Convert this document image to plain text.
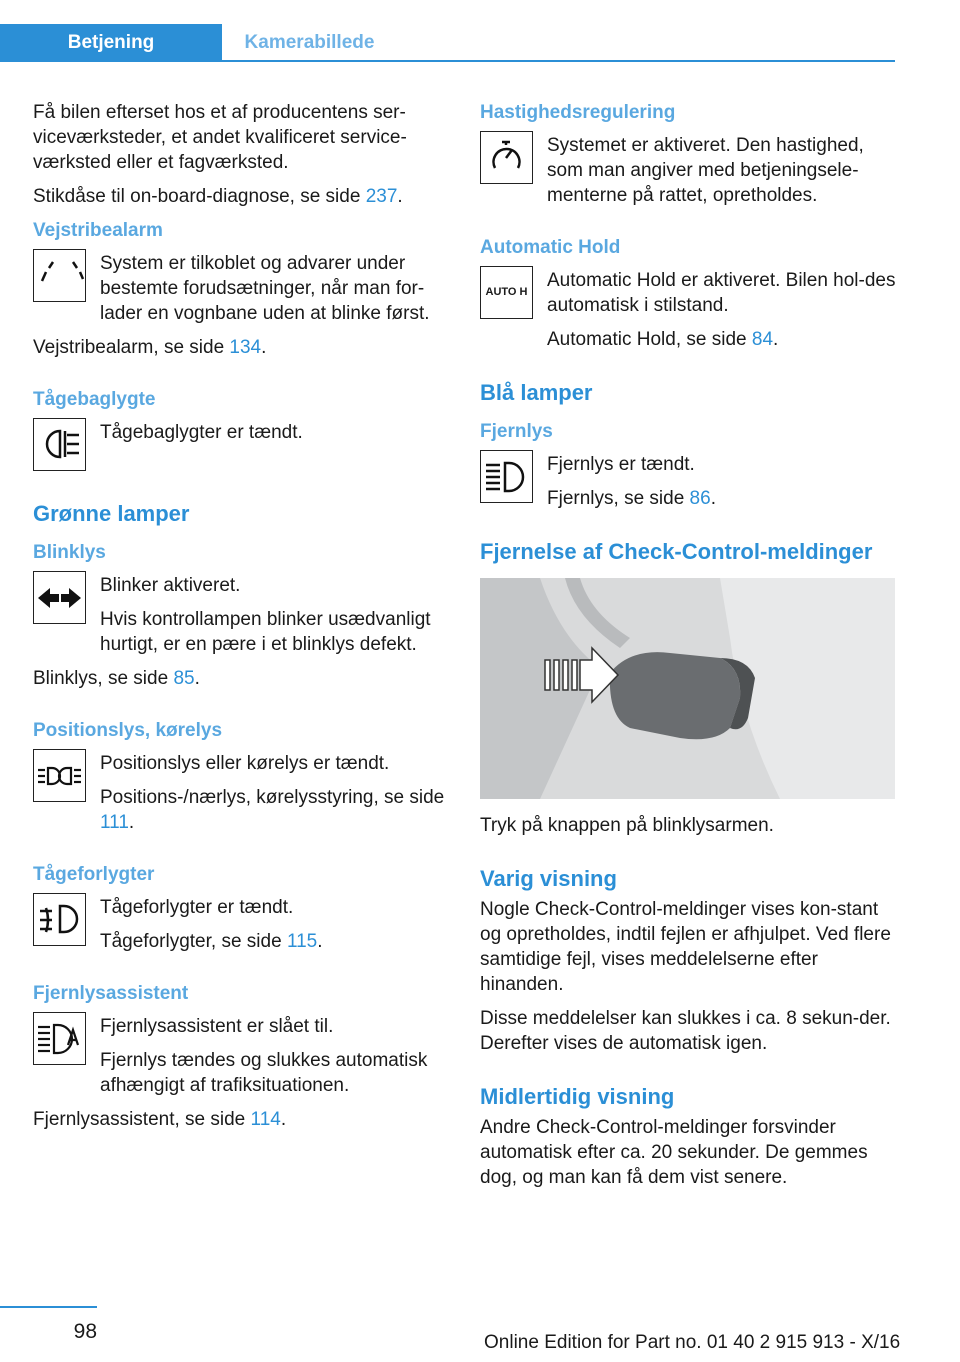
Betjening	Kamerabillede

Få bilen efterset hos et af producentens ser-viceværksteder, et andet kvalificeret service-værksted eller et fagværksted.

Stikdåse til on-board-diagnose, se side 237.

Vejstribealarm

System er tilkoblet og advarer under bestemte forudsætninger, når man for-lader en vognbane uden at blinke først.

Vejstribealarm, se side 134.

Tågebaglygte

Tågebaglygter er tændt.

Grønne lamper
Blinklys

Blinker aktiveret.

Hvis kontrollampen blinker usædvanligt hurtigt, er en pære i et blinklys defekt.

Blinklys, se side 85.

Positionslys, kørelys

Positionslys eller kørelys er tændt.

Positions-/nærlys, kørelysstyring, se side 111.

Tågeforlygter

Tågeforlygter er tændt.

Tågeforlygter, se side 115.

Fjernlysassistent

Fjernlysassistent er slået til.

Fjernlys tændes og slukkes automatisk afhængigt af trafiksituationen.

Fjernlysassistent, se side 114.

Hastighedsregulering

Systemet er aktiveret. Den hastighed, som man angiver med betjeningsele-menterne på rattet, opretholdes.

Automatic Hold
AUTO H

Automatic Hold er aktiveret. Bilen hol-des automatisk i stilstand.

Automatic Hold, se side 84.

Blå lamper
Fjernlys

Fjernlys er tændt.

Fjernlys, se side 86.

Fjernelse af Check-Control-meldinger

Tryk på knappen på blinklysarmen.

Varig visning

Nogle Check-Control-meldinger vises kon-stant og opretholdes, indtil fejlen er afhjulpet. Ved flere samtidige fejl, vises meddelelserne efter hinanden.

Disse meddelelser kan slukkes i ca. 8 sekun-der. Derefter vises de automatisk igen.

Midlertidig visning

Andre Check-Control-meldinger forsvinder automatisk efter ca. 20 sekunder. De gemmes dog, og man kan få dem vist senere.

98	Online Edition for Part no. 01 40 2 915 913 - X/16
